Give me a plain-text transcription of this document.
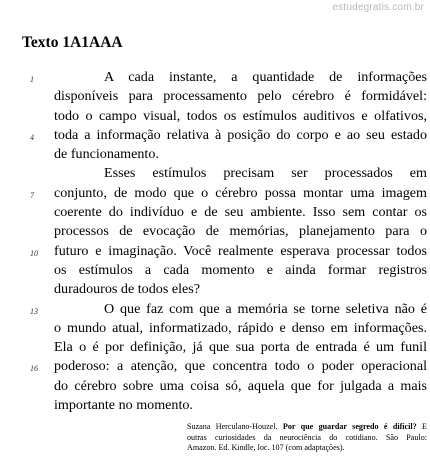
estudegratis.com.br
Texto 1A1AAA
1	A cada instante, a quantidade de informações
disponíveis para processamento pelo cérebro é formidável:
todo o campo visual, todos os estímulos auditivos e olfativos,
4	toda a informação relativa à posição do corpo e ao seu estado
de funcionamento.
Esses estímulos precisam ser processados em
7	conjunto, de modo que o cérebro possa montar uma imagem
coerente do indivíduo e de seu ambiente. Isso sem contar os
processos de evocação de memórias, planejamento para o
10	futuro e imaginação. Você realmente esperava processar todos
os estímulos a cada momento e ainda formar registros
duradouros de todos eles?
13	O que faz com que a memória se torne seletiva não é
o mundo atual, informatizado, rápido e denso em informações.
Ela o é por definição, já que sua porta de entrada é um funil
16	poderoso: a atenção, que concentra todo o poder operacional
do cérebro sobre uma coisa só, aquela que for julgada a mais
importante no momento.
Suzana Herculano-Houzel. Por que guardar segredo é difícil? E
outras curiosidades da neurociência do cotidiano. São Paulo:
Amazon. Ed. Kindle, loc. 107 (com adaptações).
